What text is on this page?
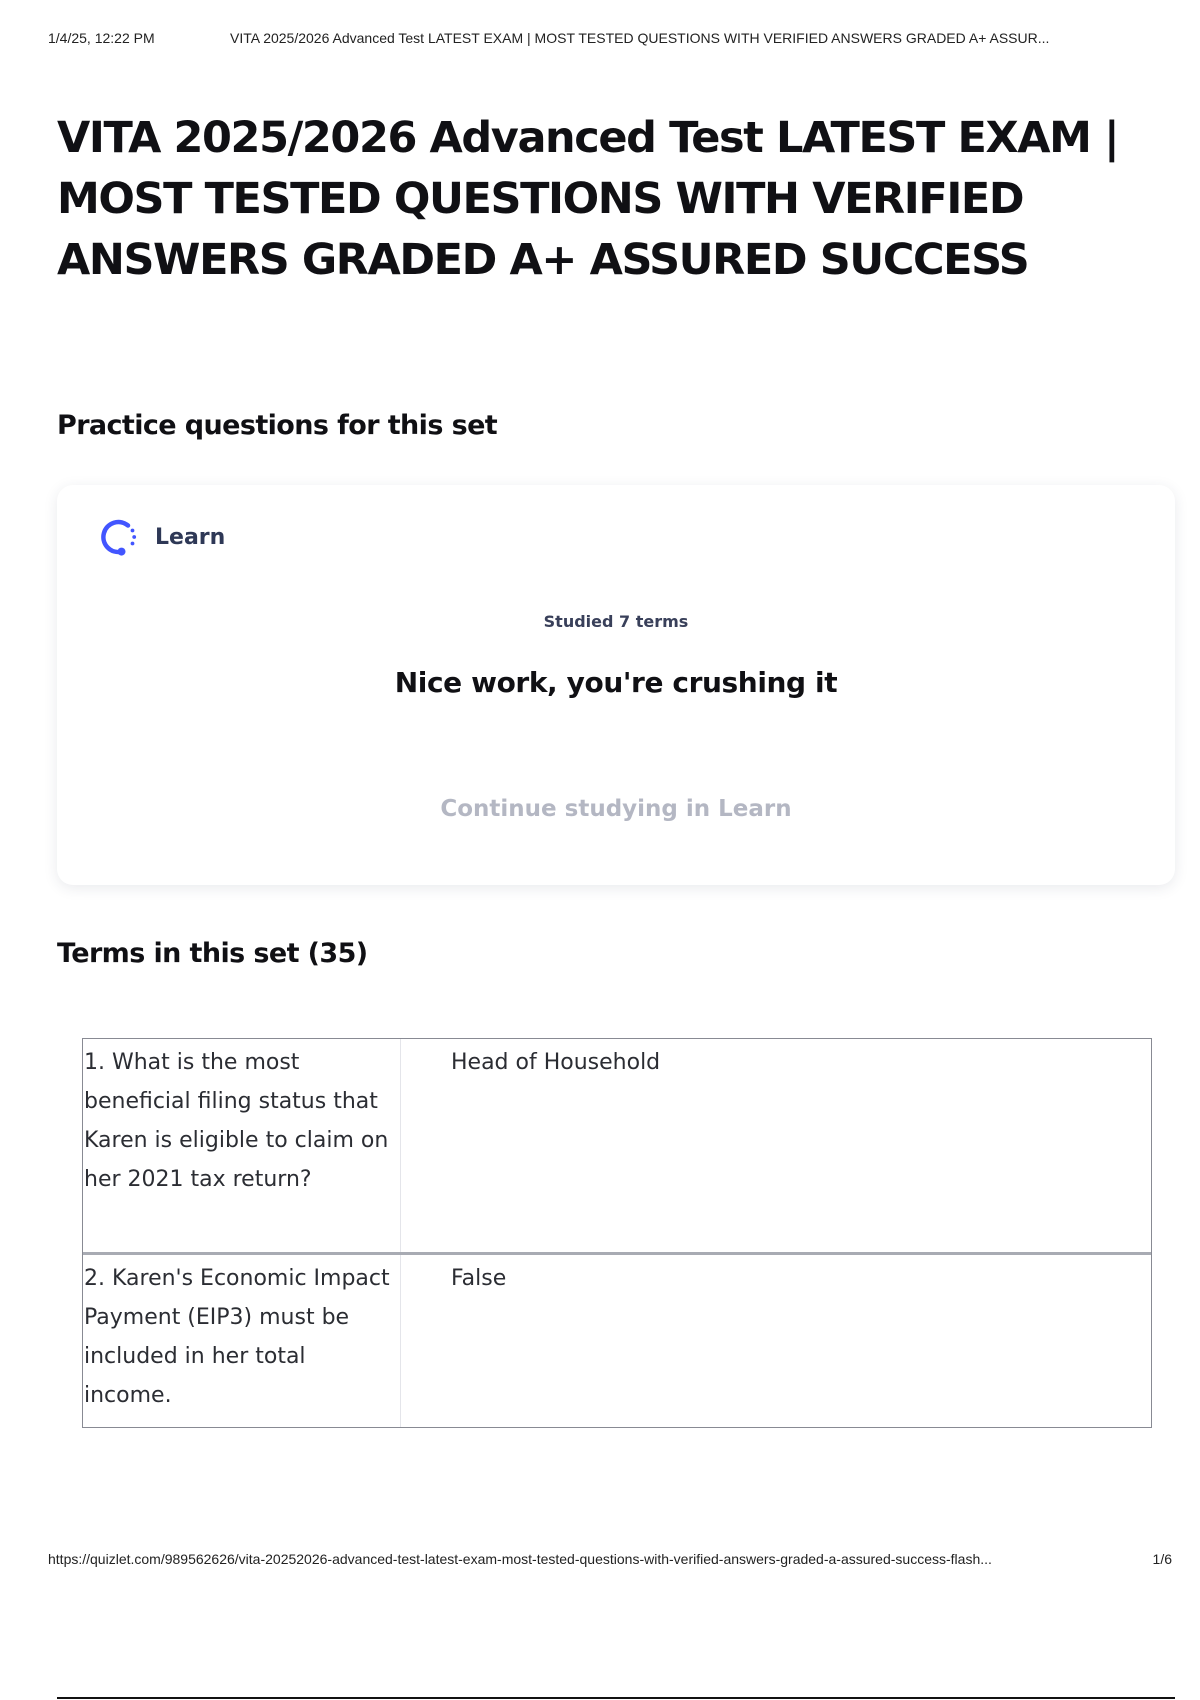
1/4/25, 12:22 PM	VITA 2025/2026 Advanced Test LATEST EXAM | MOST TESTED QUESTIONS WITH VERIFIED ANSWERS GRADED A+ ASSUR...
VITA 2025/2026 Advanced Test LATEST EXAM | MOST TESTED QUESTIONS WITH VERIFIED ANSWERS GRADED A+ ASSURED SUCCESS
Practice questions for this set
Learn
Studied 7 terms
Nice work, you're crushing it
Continue studying in Learn
Terms in this set (35)
1. What is the most beneficial filing status that Karen is eligible to claim on her 2021 tax return?
Head of Household
2. Karen's Economic Impact Payment (EIP3) must be included in her total income.
False
https://quizlet.com/989562626/vita-20252026-advanced-test-latest-exam-most-tested-questions-with-verified-answers-graded-a-assured-success-flash...	1/6
